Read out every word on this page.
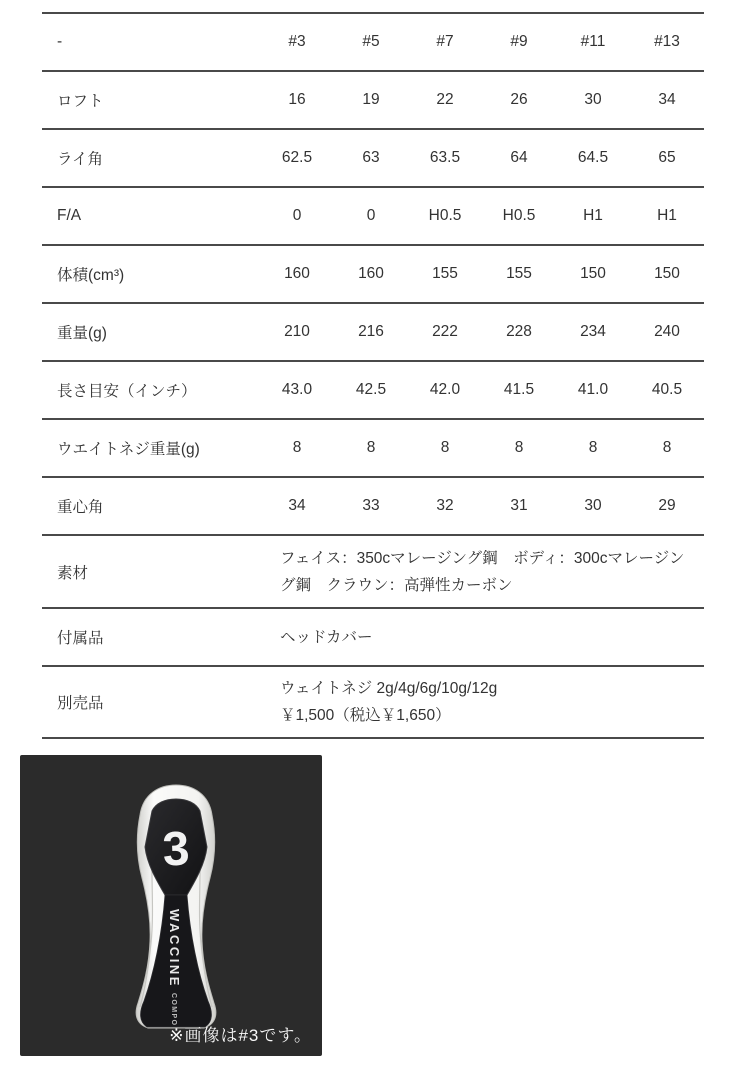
-	#3	#5	#7	#9	#11	#13
ロフト	16	19	22	26	30	34
ライ角	62.5	63	63.5	64	64.5	65
F/A	0	0	H0.5	H0.5	H1	H1
体積(cm³)	160	160	155	155	150	150
重量(g)	210	216	222	228	234	240
長さ目安（インチ）	43.0	42.5	42.0	41.5	41.0	40.5
ウエイトネジ重量(g)	8	8	8	8	8	8
重心角	34	33	32	31	30	29
素材	フェイス：350cマレージング鋼　ボディ：300cマレージング鋼　クラウン：高弾性カーボン					
付属品	ヘッドカバー					
別売品	ウェイトネジ 2g/4g/6g/10g/12g
￥1,500（税込￥1,650）					
3
WACCINE
COMPO
※画像は#3です。
